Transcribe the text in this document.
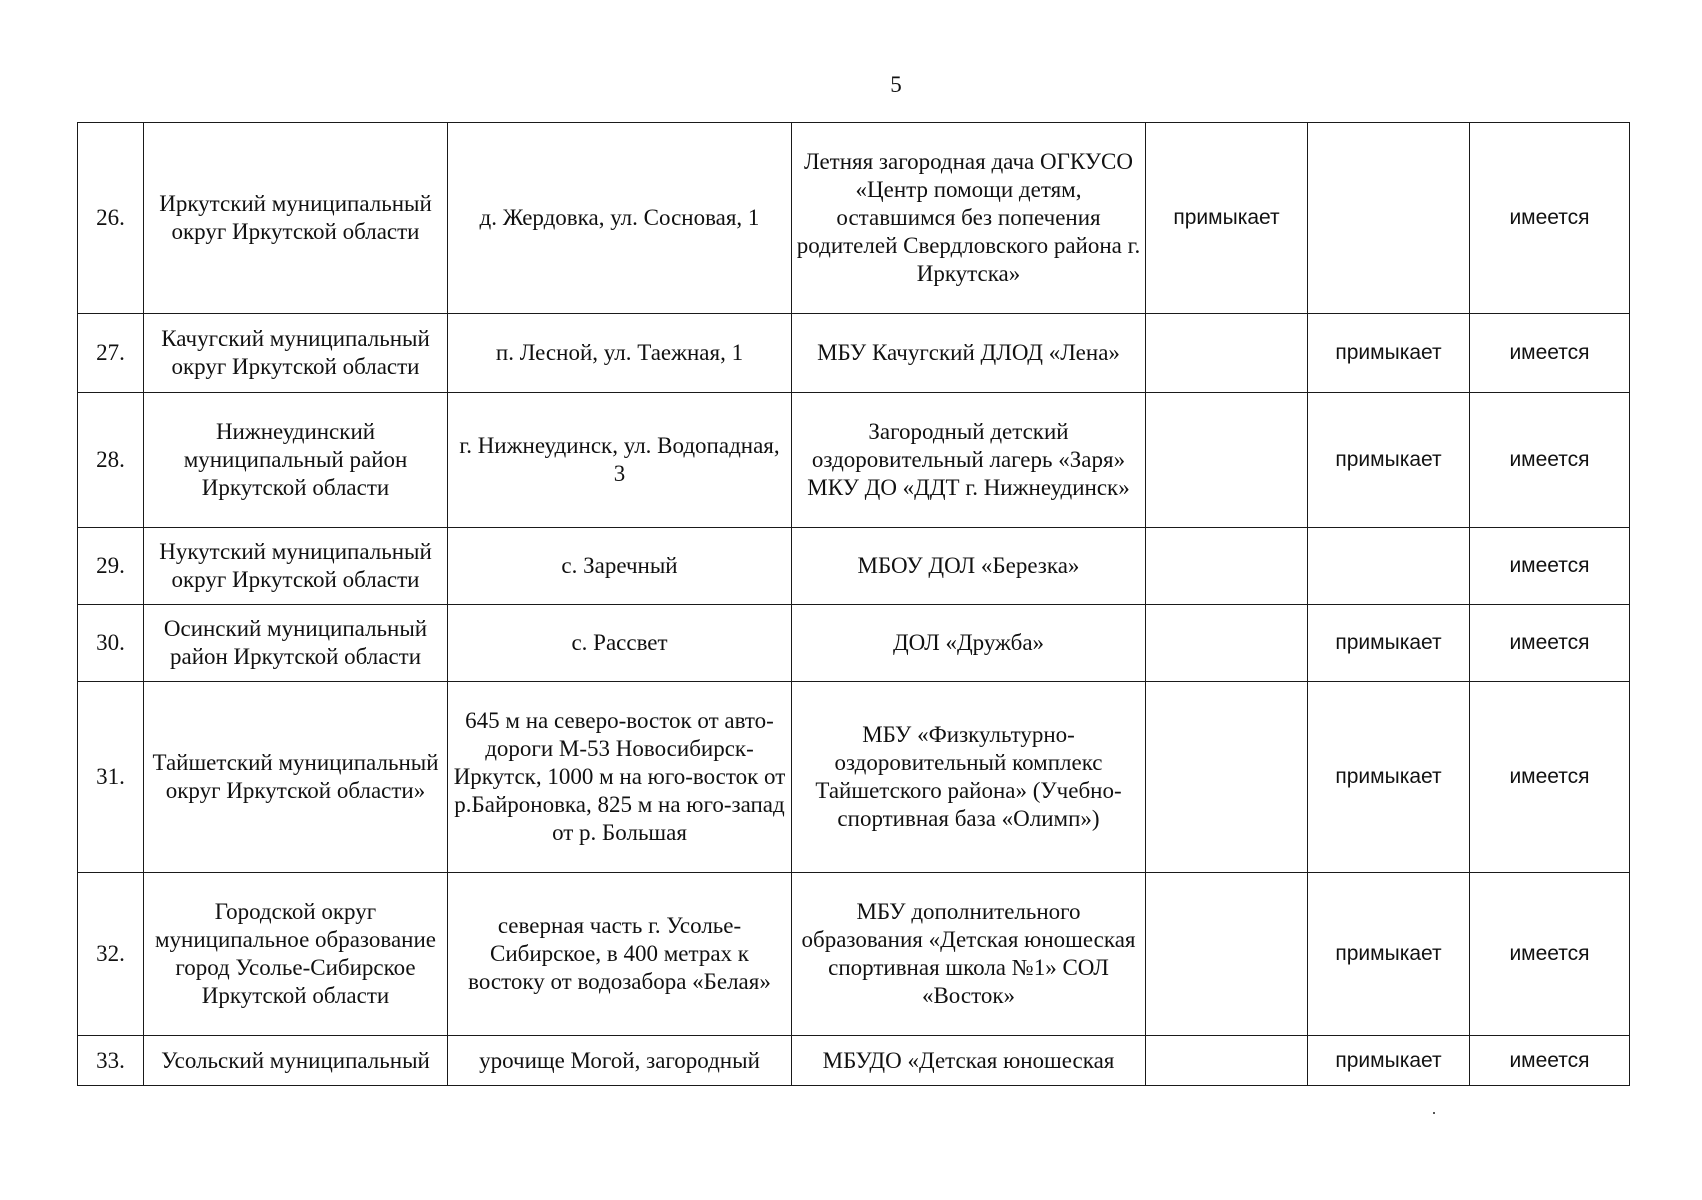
5
26.	Иркутский муниципальный округ Иркутской области	д. Жердовка, ул. Сосновая, 1	Летняя загородная дача ОГКУСО «Центр помощи детям, оставшимся без попечения родителей Свердловского района г. Иркутска»	примыкает		имеется
27.	Качугский муниципальный округ Иркутской области	п. Лесной, ул. Таежная, 1	МБУ Качугский ДЛОД «Лена»		примыкает	имеется
28.	Нижнеудинский муниципальный район Иркутской области	г. Нижнеудинск, ул. Водопадная, 3	Загородный детский оздоровительный лагерь «Заря» МКУ ДО «ДДТ г. Нижнеудинск»		примыкает	имеется
29.	Нукутский муниципальный округ Иркутской области	с. Заречный	МБОУ ДОЛ «Березка»			имеется
30.	Осинский муниципальный район Иркутской области	с. Рассвет	ДОЛ «Дружба»		примыкает	имеется
31.	Тайшетский муниципальный округ Иркутской области»	645 м на северо-восток от авто-дороги М-53 Новосибирск-Иркутск, 1000 м на юго-восток от р.Байроновка, 825 м на юго-запад от р. Большая	МБУ «Физкультурно-оздоровительный комплекс Тайшетского района» (Учебно-спортивная база «Олимп»)		примыкает	имеется
32.	Городской округ муниципальное образование город Усолье-Сибирское Иркутской области	северная часть г. Усолье-Сибирское, в 400 метрах к востоку от водозабора «Белая»	МБУ дополнительного образования «Детская юношеская спортивная школа №1» СОЛ «Восток»		примыкает	имеется
33.	Усольский муниципальный	урочище Могой, загородный	МБУДО «Детская юношеская		примыкает	имеется
